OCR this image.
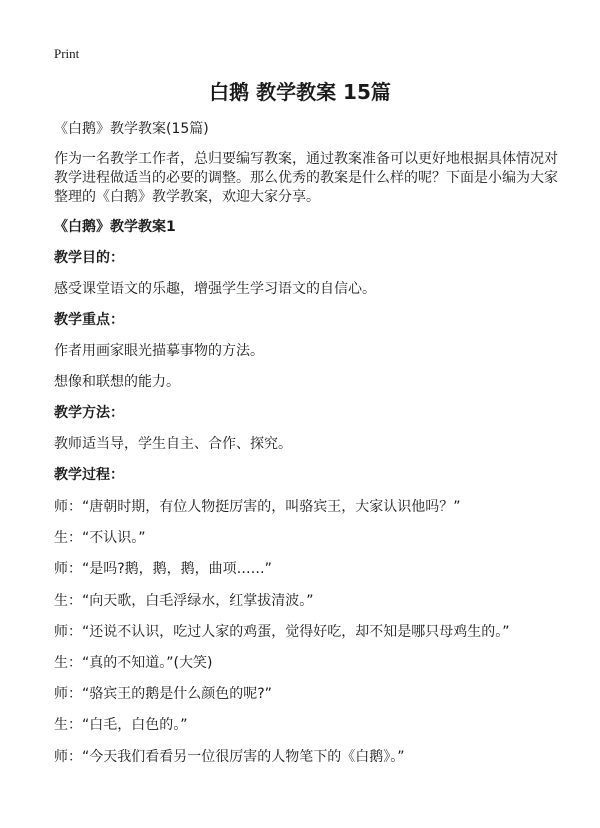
Print
白鹅 教学教案 15篇

《白鹅》教学教案(15篇)

作为一名教学工作者，总归要编写教案，通过教案准备可以更好地根据具体情况对

教学进程做适当的必要的调整。那么优秀的教案是什么样的呢？下面是小编为大家

整理的《白鹅》教学教案，欢迎大家分享。

《白鹅》教学教案1

教学目的：

感受课堂语文的乐趣，增强学生学习语文的自信心。

教学重点：

作者用画家眼光描摹事物的方法。

想像和联想的能力。

教学方法：

教师适当导，学生自主、合作、探究。

教学过程：

师：“唐朝时期，有位人物挺厉害的，叫骆宾王，大家认识他吗？”

生：“不认识。”

师：“是吗?鹅，鹅，鹅，曲项……”

生：“向天歌，白毛浮绿水，红掌拔清波。”

师：“还说不认识，吃过人家的鸡蛋，觉得好吃，却不知是哪只母鸡生的。”

生：“真的不知道。”(大笑)

师：“骆宾王的鹅是什么颜色的呢?”

生：“白毛，白色的。”

师：“今天我们看看另一位很厉害的人物笔下的《白鹅》。”
